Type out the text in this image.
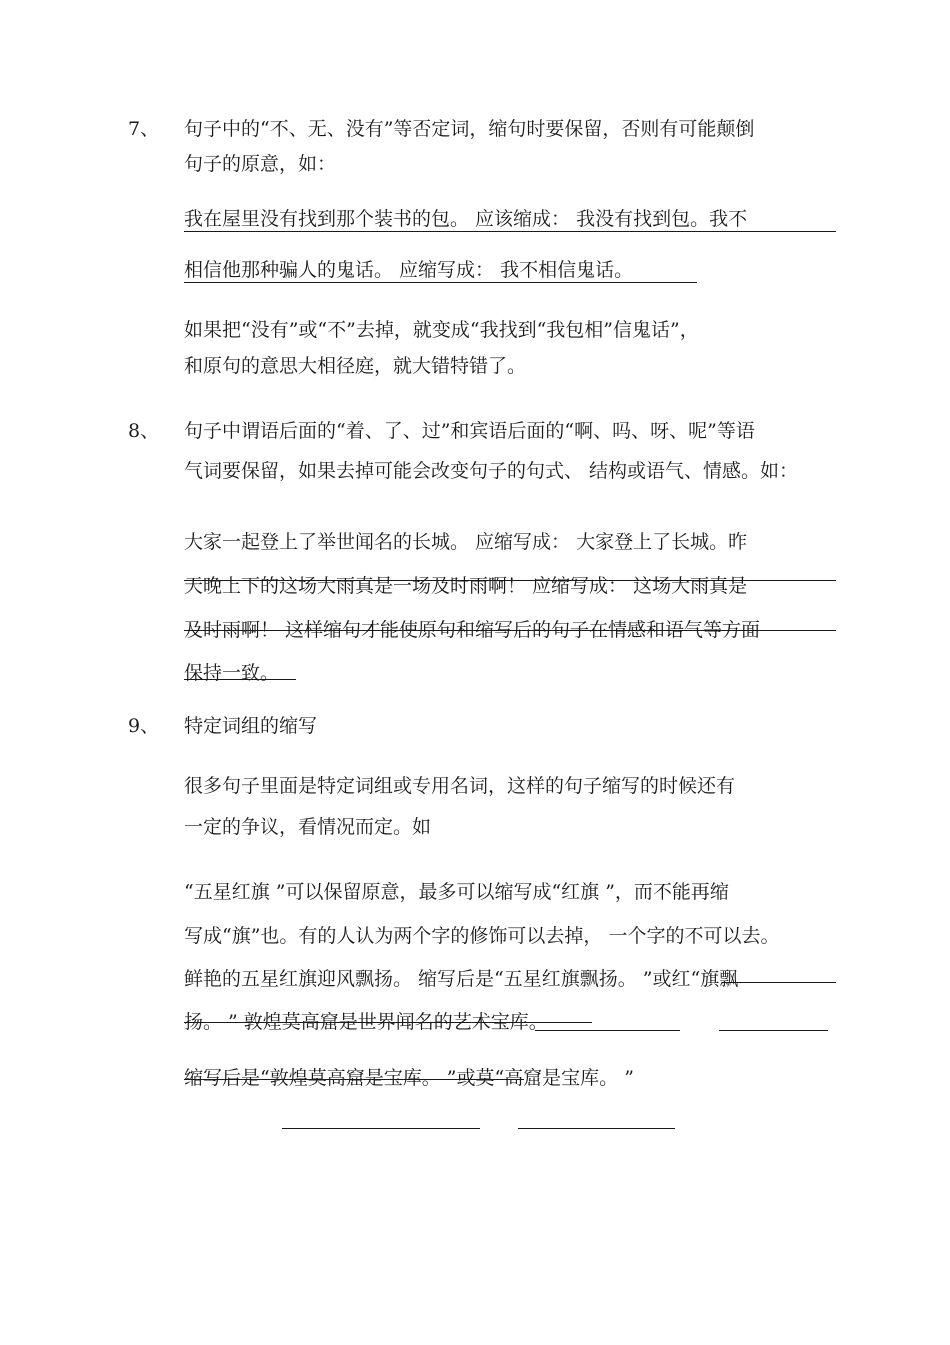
7、 句子中的“不、无、没有”等否定词，缩句时要保留，否则有可能颠倒
句子的原意，如：
我在屋里没有找到那个装书的包。 应该缩成： 我没有找到包。我不
相信他那种骗人的鬼话。 应缩写成： 我不相信鬼话。
如果把“没有”或“不”去掉，就变成“我找到“我包相”信鬼话”，
和原句的意思大相径庭，就大错特错了。
8、 句子中谓语后面的“着、了、过”和宾语后面的“啊、吗、呀、呢”等语
气词要保留，如果去掉可能会改变句子的句式、 结构或语气、情感。如：
大家一起登上了举世闻名的长城。 应缩写成： 大家登上了长城。昨
天晚上下的这场大雨真是一场及时雨啊！ 应缩写成： 这场大雨真是
及时雨啊！ 这样缩句才能使原句和缩写后的句子在情感和语气等方面
保持一致。
9、 特定词组的缩写
很多句子里面是特定词组或专用名词，这样的句子缩写的时候还有
一定的争议，看情况而定。如
“五星红旗 ”可以保留原意，最多可以缩写成“红旗 ”，而不能再缩
写成“旗”也。有的人认为两个字的修饰可以去掉， 一个字的不可以去。
鲜艳的五星红旗迎风飘扬。 缩写后是“五星红旗飘扬。 ”或红“旗飘
扬。 ” 敦煌莫高窟是世界闻名的艺术宝库。
缩写后是“敦煌莫高窟是宝库。 ”或莫“高窟是宝库。 ”
